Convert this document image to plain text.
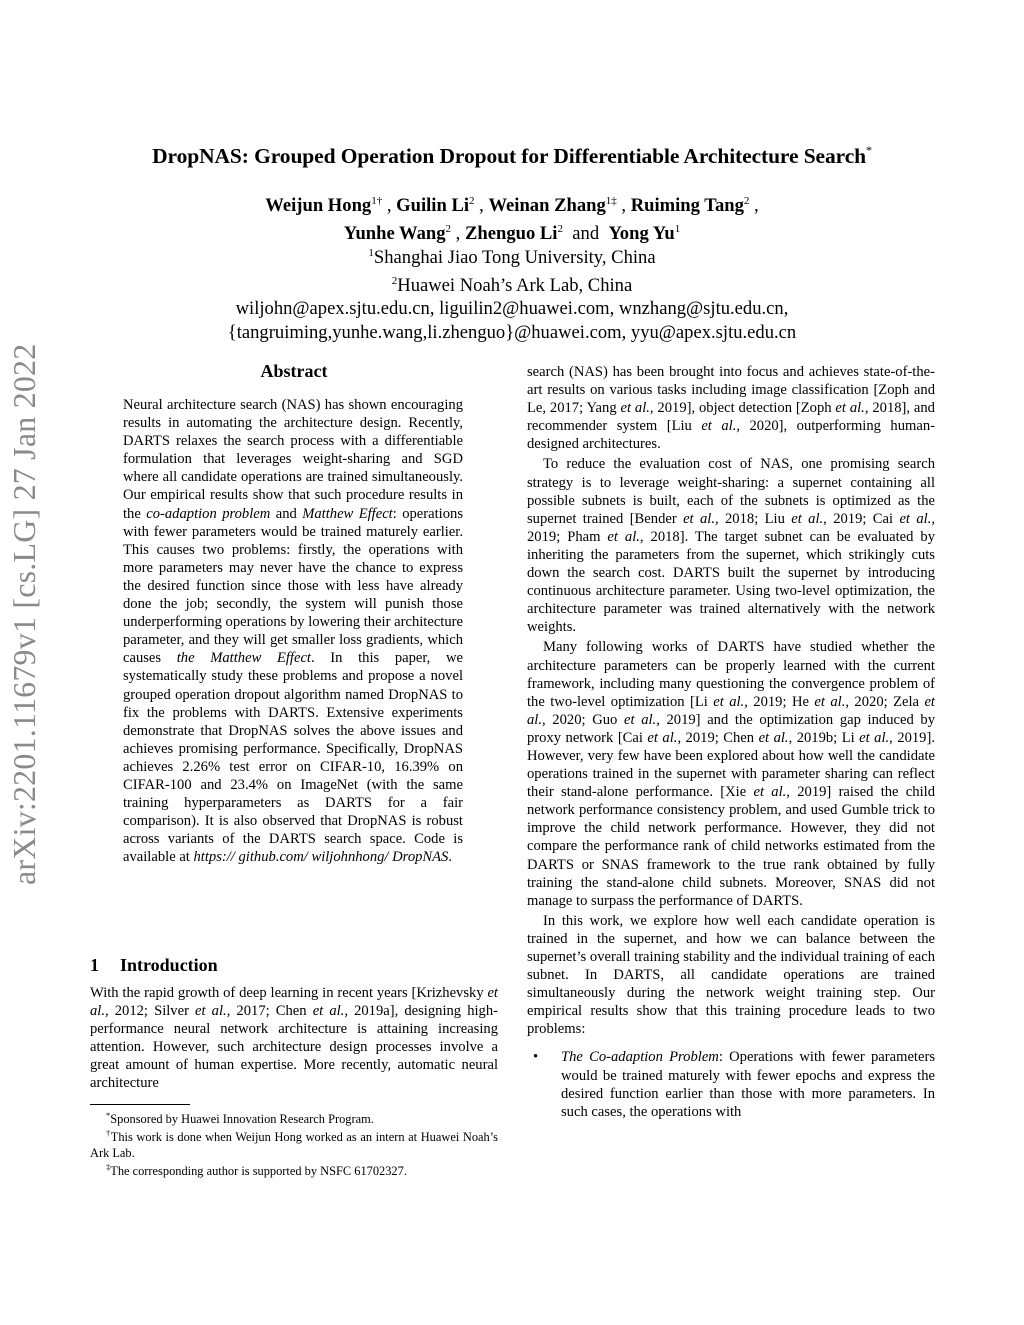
arXiv:2201.11679v1 [cs.LG] 27 Jan 2022
DropNAS: Grouped Operation Dropout for Differentiable Architecture Search*
Weijun Hong$^{1\dagger}$ , Guilin Li$^2$ , Weinan Zhang$^{1\ddagger}$ , Ruiming Tang$^2$ ,
Yunhe Wang$^2$ , Zhenguo Li$^2$ and Yong Yu$^1$
$^1$Shanghai Jiao Tong University, China
$^2$Huawei Noah’s Ark Lab, China
wiljohn@apex.sjtu.edu.cn, liguilin2@huawei.com, wnzhang@sjtu.edu.cn,
{tangruiming,yunhe.wang,li.zhenguo}@huawei.com, yyu@apex.sjtu.edu.cn
Abstract
Neural architecture search (NAS) has shown encouraging results in automating the architecture design. Recently, DARTS relaxes the search process with a differentiable formulation that leverages weight-sharing and SGD where all candidate operations are trained simultaneously. Our empirical results show that such procedure results in the co-adaption problem and Matthew Effect: operations with fewer parameters would be trained maturely earlier. This causes two problems: firstly, the operations with more parameters may never have the chance to express the desired function since those with less have already done the job; secondly, the system will punish those underperforming operations by lowering their architecture parameter, and they will get smaller loss gradients, which causes the Matthew Effect. In this paper, we systematically study these problems and propose a novel grouped operation dropout algorithm named DropNAS to fix the problems with DARTS. Extensive experiments demonstrate that DropNAS solves the above issues and achieves promising performance. Specifically, DropNAS achieves 2.26% test error on CIFAR-10, 16.39% on CIFAR-100 and 23.4% on ImageNet (with the same training hyperparameters as DARTS for a fair comparison). It is also observed that DropNAS is robust across variants of the DARTS search space. Code is available at https:// github.com/ wiljohnhong/ DropNAS.
1 Introduction
With the rapid growth of deep learning in recent years [Krizhevsky et al., 2012; Silver et al., 2017; Chen et al., 2019a], designing high-performance neural network architecture is attaining increasing attention. However, such architecture design processes involve a great amount of human expertise. More recently, automatic neural architecture
*Sponsored by Huawei Innovation Research Program.
†This work is done when Weijun Hong worked as an intern at Huawei Noah’s Ark Lab.
‡The corresponding author is supported by NSFC 61702327.

search (NAS) has been brought into focus and achieves state-of-the-art results on various tasks including image classification [Zoph and Le, 2017; Yang et al., 2019], object detection [Zoph et al., 2018], and recommender system [Liu et al., 2020], outperforming human-designed architectures.

To reduce the evaluation cost of NAS, one promising search strategy is to leverage weight-sharing: a supernet containing all possible subnets is built, each of the subnets is optimized as the supernet trained [Bender et al., 2018; Liu et al., 2019; Cai et al., 2019; Pham et al., 2018]. The target subnet can be evaluated by inheriting the parameters from the supernet, which strikingly cuts down the search cost. DARTS built the supernet by introducing continuous architecture parameter. Using two-level optimization, the architecture parameter was trained alternatively with the network weights.

Many following works of DARTS have studied whether the architecture parameters can be properly learned with the current framework, including many questioning the convergence problem of the two-level optimization [Li et al., 2019; He et al., 2020; Zela et al., 2020; Guo et al., 2019] and the optimization gap induced by proxy network [Cai et al., 2019; Chen et al., 2019b; Li et al., 2019]. However, very few have been explored about how well the candidate operations trained in the supernet with parameter sharing can reflect their stand-alone performance. [Xie et al., 2019] raised the child network performance consistency problem, and used Gumble trick to improve the child network performance. However, they did not compare the performance rank of child networks estimated from the DARTS or SNAS framework to the true rank obtained by fully training the stand-alone child subnets. Moreover, SNAS did not manage to surpass the performance of DARTS.

In this work, we explore how well each candidate operation is trained in the supernet, and how we can balance between the supernet’s overall training stability and the individual training of each subnet. In DARTS, all candidate operations are trained simultaneously during the network weight training step. Our empirical results show that this training procedure leads to two problems:

• The Co-adaption Problem: Operations with fewer parameters would be trained maturely with fewer epochs and express the desired function earlier than those with more parameters. In such cases, the operations with
